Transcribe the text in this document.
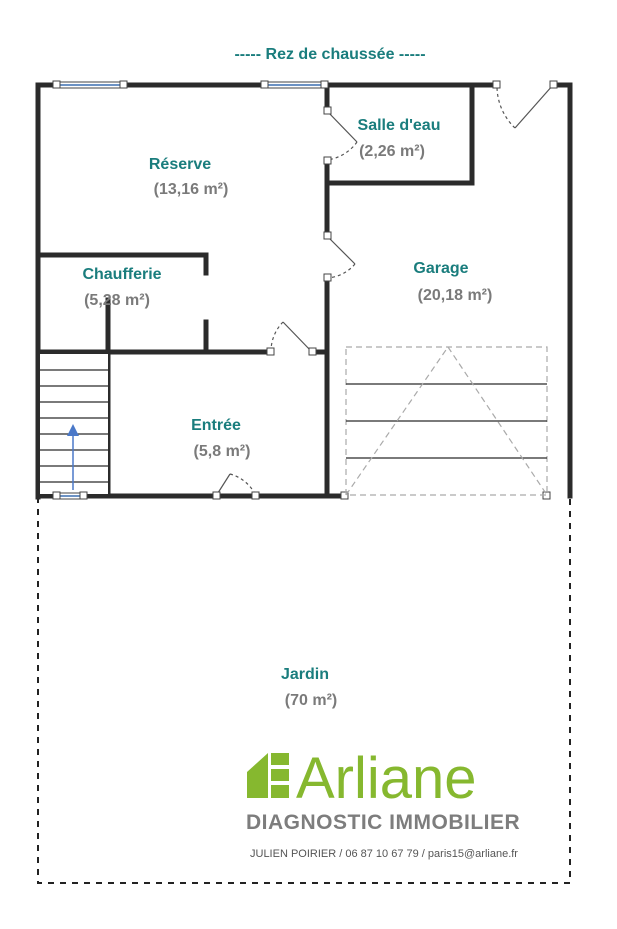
----- Rez de chaussée -----
Réserve
(13,16 m²)
Salle d'eau
(2,26 m²)
Chaufferie
(5,28 m²)
Garage
(20,18 m²)
Entrée
(5,8 m²)
Jardin
(70 m²)
Arliane
DIAGNOSTIC IMMOBILIER
JULIEN POIRIER / 06 87 10 67 79 / paris15@arliane.fr
